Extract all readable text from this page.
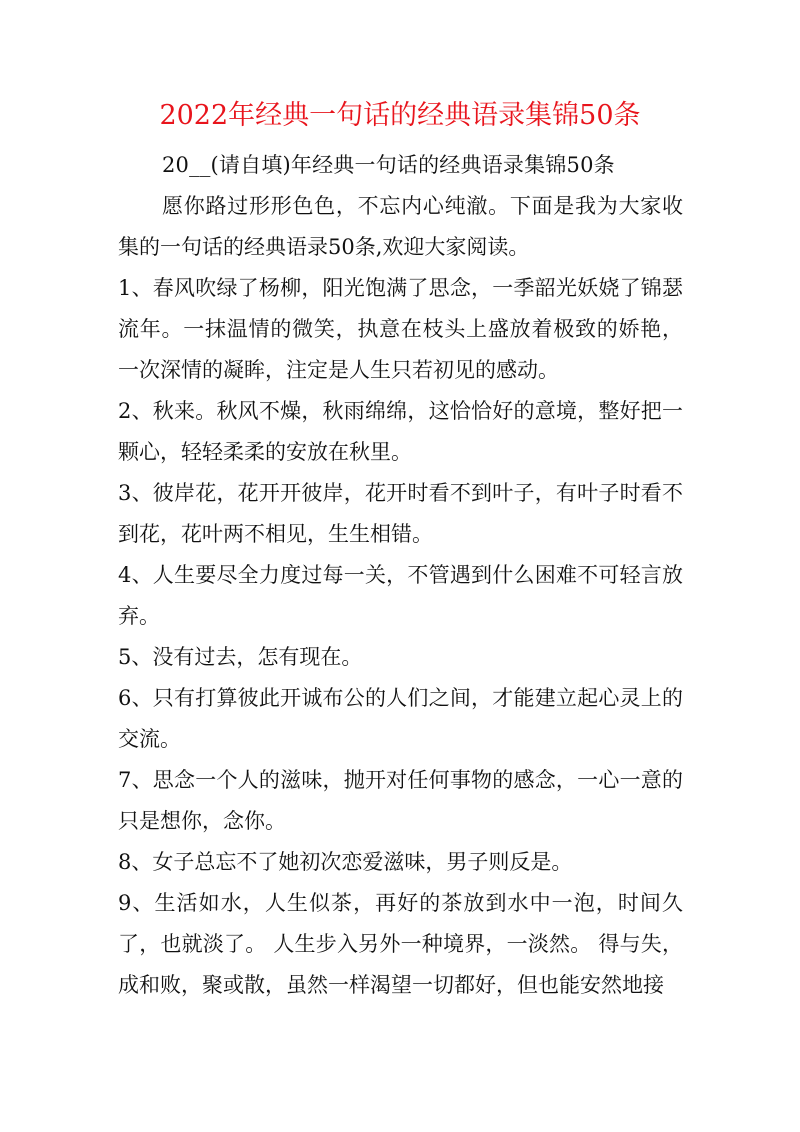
2022年经典一句话的经典语录集锦50条

20__(请自填)年经典一句话的经典语录集锦50条

愿你路过形形色色，不忘内心纯澈。下面是我为大家收集的一句话的经典语录50条,欢迎大家阅读。

1、春风吹绿了杨柳，阳光饱满了思念，一季韶光妖娆了锦瑟流年。一抹温情的微笑，执意在枝头上盛放着极致的娇艳，一次深情的凝眸，注定是人生只若初见的感动。

2、秋来。秋风不燥，秋雨绵绵，这恰恰好的意境，整好把一颗心，轻轻柔柔的安放在秋里。

3、彼岸花，花开开彼岸，花开时看不到叶子，有叶子时看不到花，花叶两不相见，生生相错。

4、人生要尽全力度过每一关，不管遇到什么困难不可轻言放弃。

5、没有过去，怎有现在。

6、只有打算彼此开诚布公的人们之间，才能建立起心灵上的交流。

7、思念一个人的滋味，抛开对任何事物的感念，一心一意的只是想你，念你。

8、女子总忘不了她初次恋爱滋味，男子则反是。

9、生活如水，人生似茶，再好的茶放到水中一泡，时间久了，也就淡了。 人生步入另外一种境界，一淡然。 得与失，成和败，聚或散，虽然一样渴望一切都好，但也能安然地接
